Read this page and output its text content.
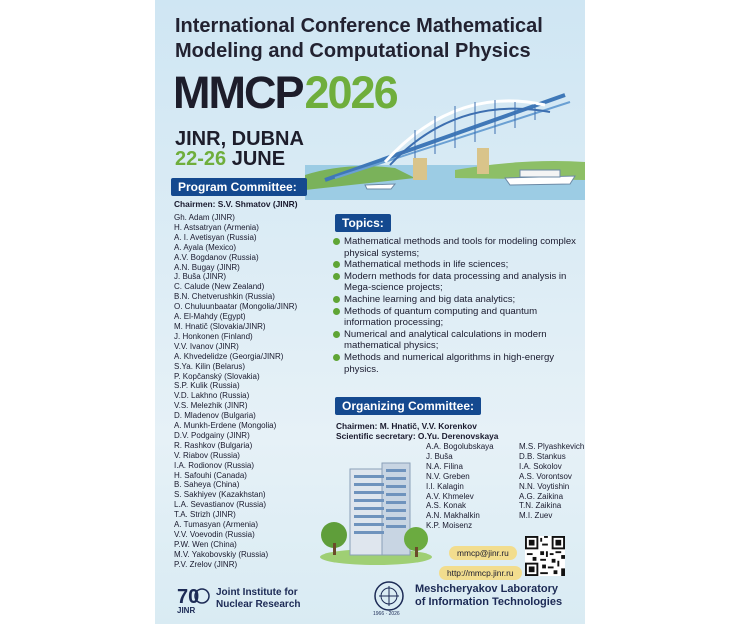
International Conference Mathematical Modeling and Computational Physics
MMCP2026
JINR, DUBNA
22-26 JUNE
Program Committee:
Chairmen: S.V. Shmatov (JINR)
Gh. Adam (JINR)
H. Astsatryan (Armenia)
A. I. Avetisyan (Russia)
A. Ayala (Mexico)
A.V. Bogdanov (Russia)
A.N. Bugay (JINR)
J. Buša (JINR)
C. Calude (New Zealand)
B.N. Chetverushkin (Russia)
O. Chuluunbaatar (Mongolia/JINR)
A. El-Mahdy (Egypt)
M. Hnatič (Slovakia/JINR)
J. Honkonen (Finland)
V.V. Ivanov (JINR)
A. Khvedelidze (Georgia/JINR)
S.Ya. Kilin (Belarus)
P. Kopčanský (Slovakia)
S.P. Kulik (Russia)
V.D. Lakhno (Russia)
V.S. Melezhik (JINR)
D. Mladenov (Bulgaria)
A. Munkh-Erdene (Mongolia)
D.V. Podgainy (JINR)
R. Rashkov (Bulgaria)
V. Riabov (Russia)
I.A. Rodionov (Russia)
H. Safouhi (Canada)
B. Saheya (China)
S. Sakhiyev (Kazakhstan)
L.A. Sevastianov (Russia)
T.A. Strizh (JINR)
A. Tumasyan (Armenia)
V.V. Voevodin (Russia)
P.W. Wen (China)
M.V. Yakobovskiy (Russia)
P.V. Zrelov (JINR)
Topics:
Mathematical methods and tools for modeling complex physical systems;
Mathematical methods in life sciences;
Modern methods for data processing and analysis in Mega-science projects;
Machine learning and big data analytics;
Methods of quantum computing and quantum information processing;
Numerical and analytical calculations in modern mathematical physics;
Methods and numerical algorithms in high-energy physics.
Organizing Committee:
Chairmen: M. Hnatič, V.V. Korenkov
Scientific secretary: O.Yu. Derenovskaya
A.A. Bogolubskaya
J. Buša
N.A. Filina
N.V. Greben
I.I. Kalagin
A.V. Khmelev
A.S. Konak
A.N. Makhalkin
K.P. Moisenz
M.S. Plyashkevich
D.B. Stankus
I.A. Sokolov
A.S. Vorontsov
N.N. Voytishin
A.G. Zaikina
T.N. Zaikina
M.I. Zuev
mmcp@jinr.ru
http://mmcp.jinr.ru
70
JINR
Joint Institute for
Nuclear Research
1966 · 2026
Meshcheryakov Laboratory
of Information Technologies
